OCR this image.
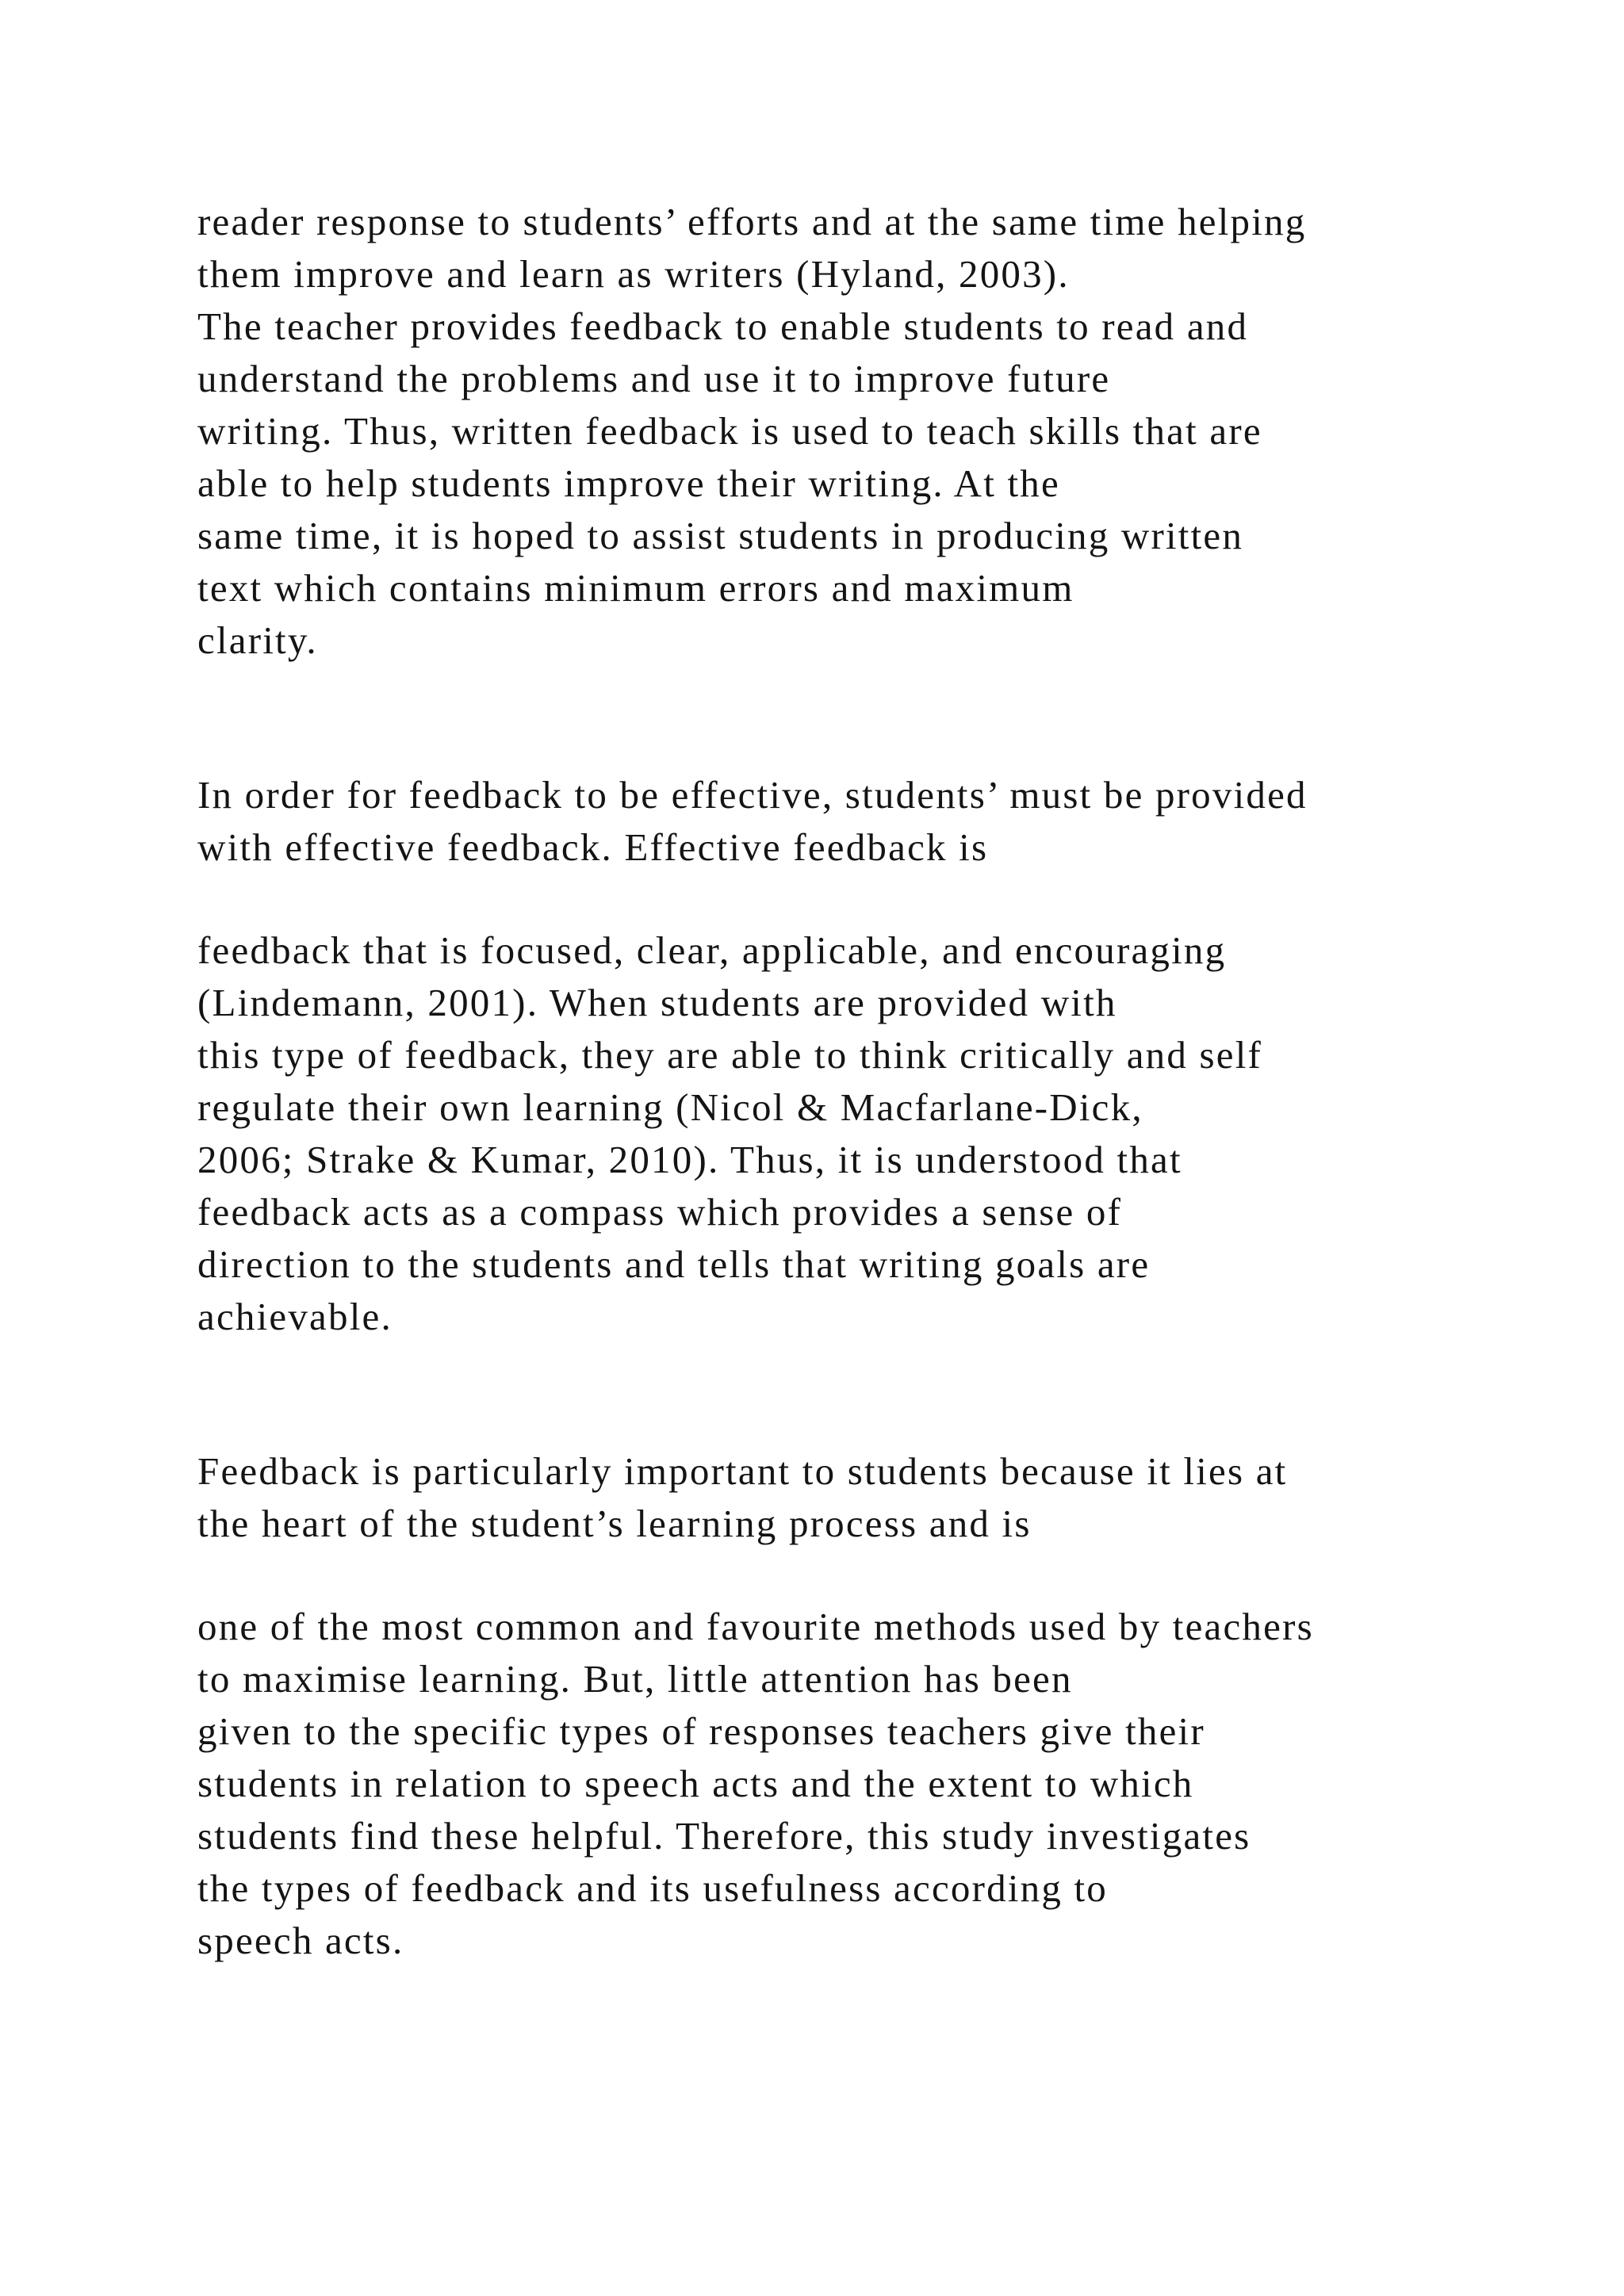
reader response to students’ efforts and at the same time helping
them improve and learn as writers (Hyland, 2003).
The teacher provides feedback to enable students to read and
understand the problems and use it to improve future
writing. Thus, written feedback is used to teach skills that are
able to help students improve their writing. At the
same time, it is hoped to assist students in producing written
text which contains minimum errors and maximum
clarity.
In order for feedback to be effective, students’ must be provided
with effective feedback. Effective feedback is
feedback that is focused, clear, applicable, and encouraging
(Lindemann, 2001). When students are provided with
this type of feedback, they are able to think critically and self
regulate their own learning (Nicol & Macfarlane-Dick,
2006; Strake & Kumar, 2010). Thus, it is understood that
feedback acts as a compass which provides a sense of
direction to the students and tells that writing goals are
achievable.
Feedback is particularly important to students because it lies at
the heart of the student’s learning process and is
one of the most common and favourite methods used by teachers
to maximise learning. But, little attention has been
given to the specific types of responses teachers give their
students in relation to speech acts and the extent to which
students find these helpful. Therefore, this study investigates
the types of feedback and its usefulness according to
speech acts.
